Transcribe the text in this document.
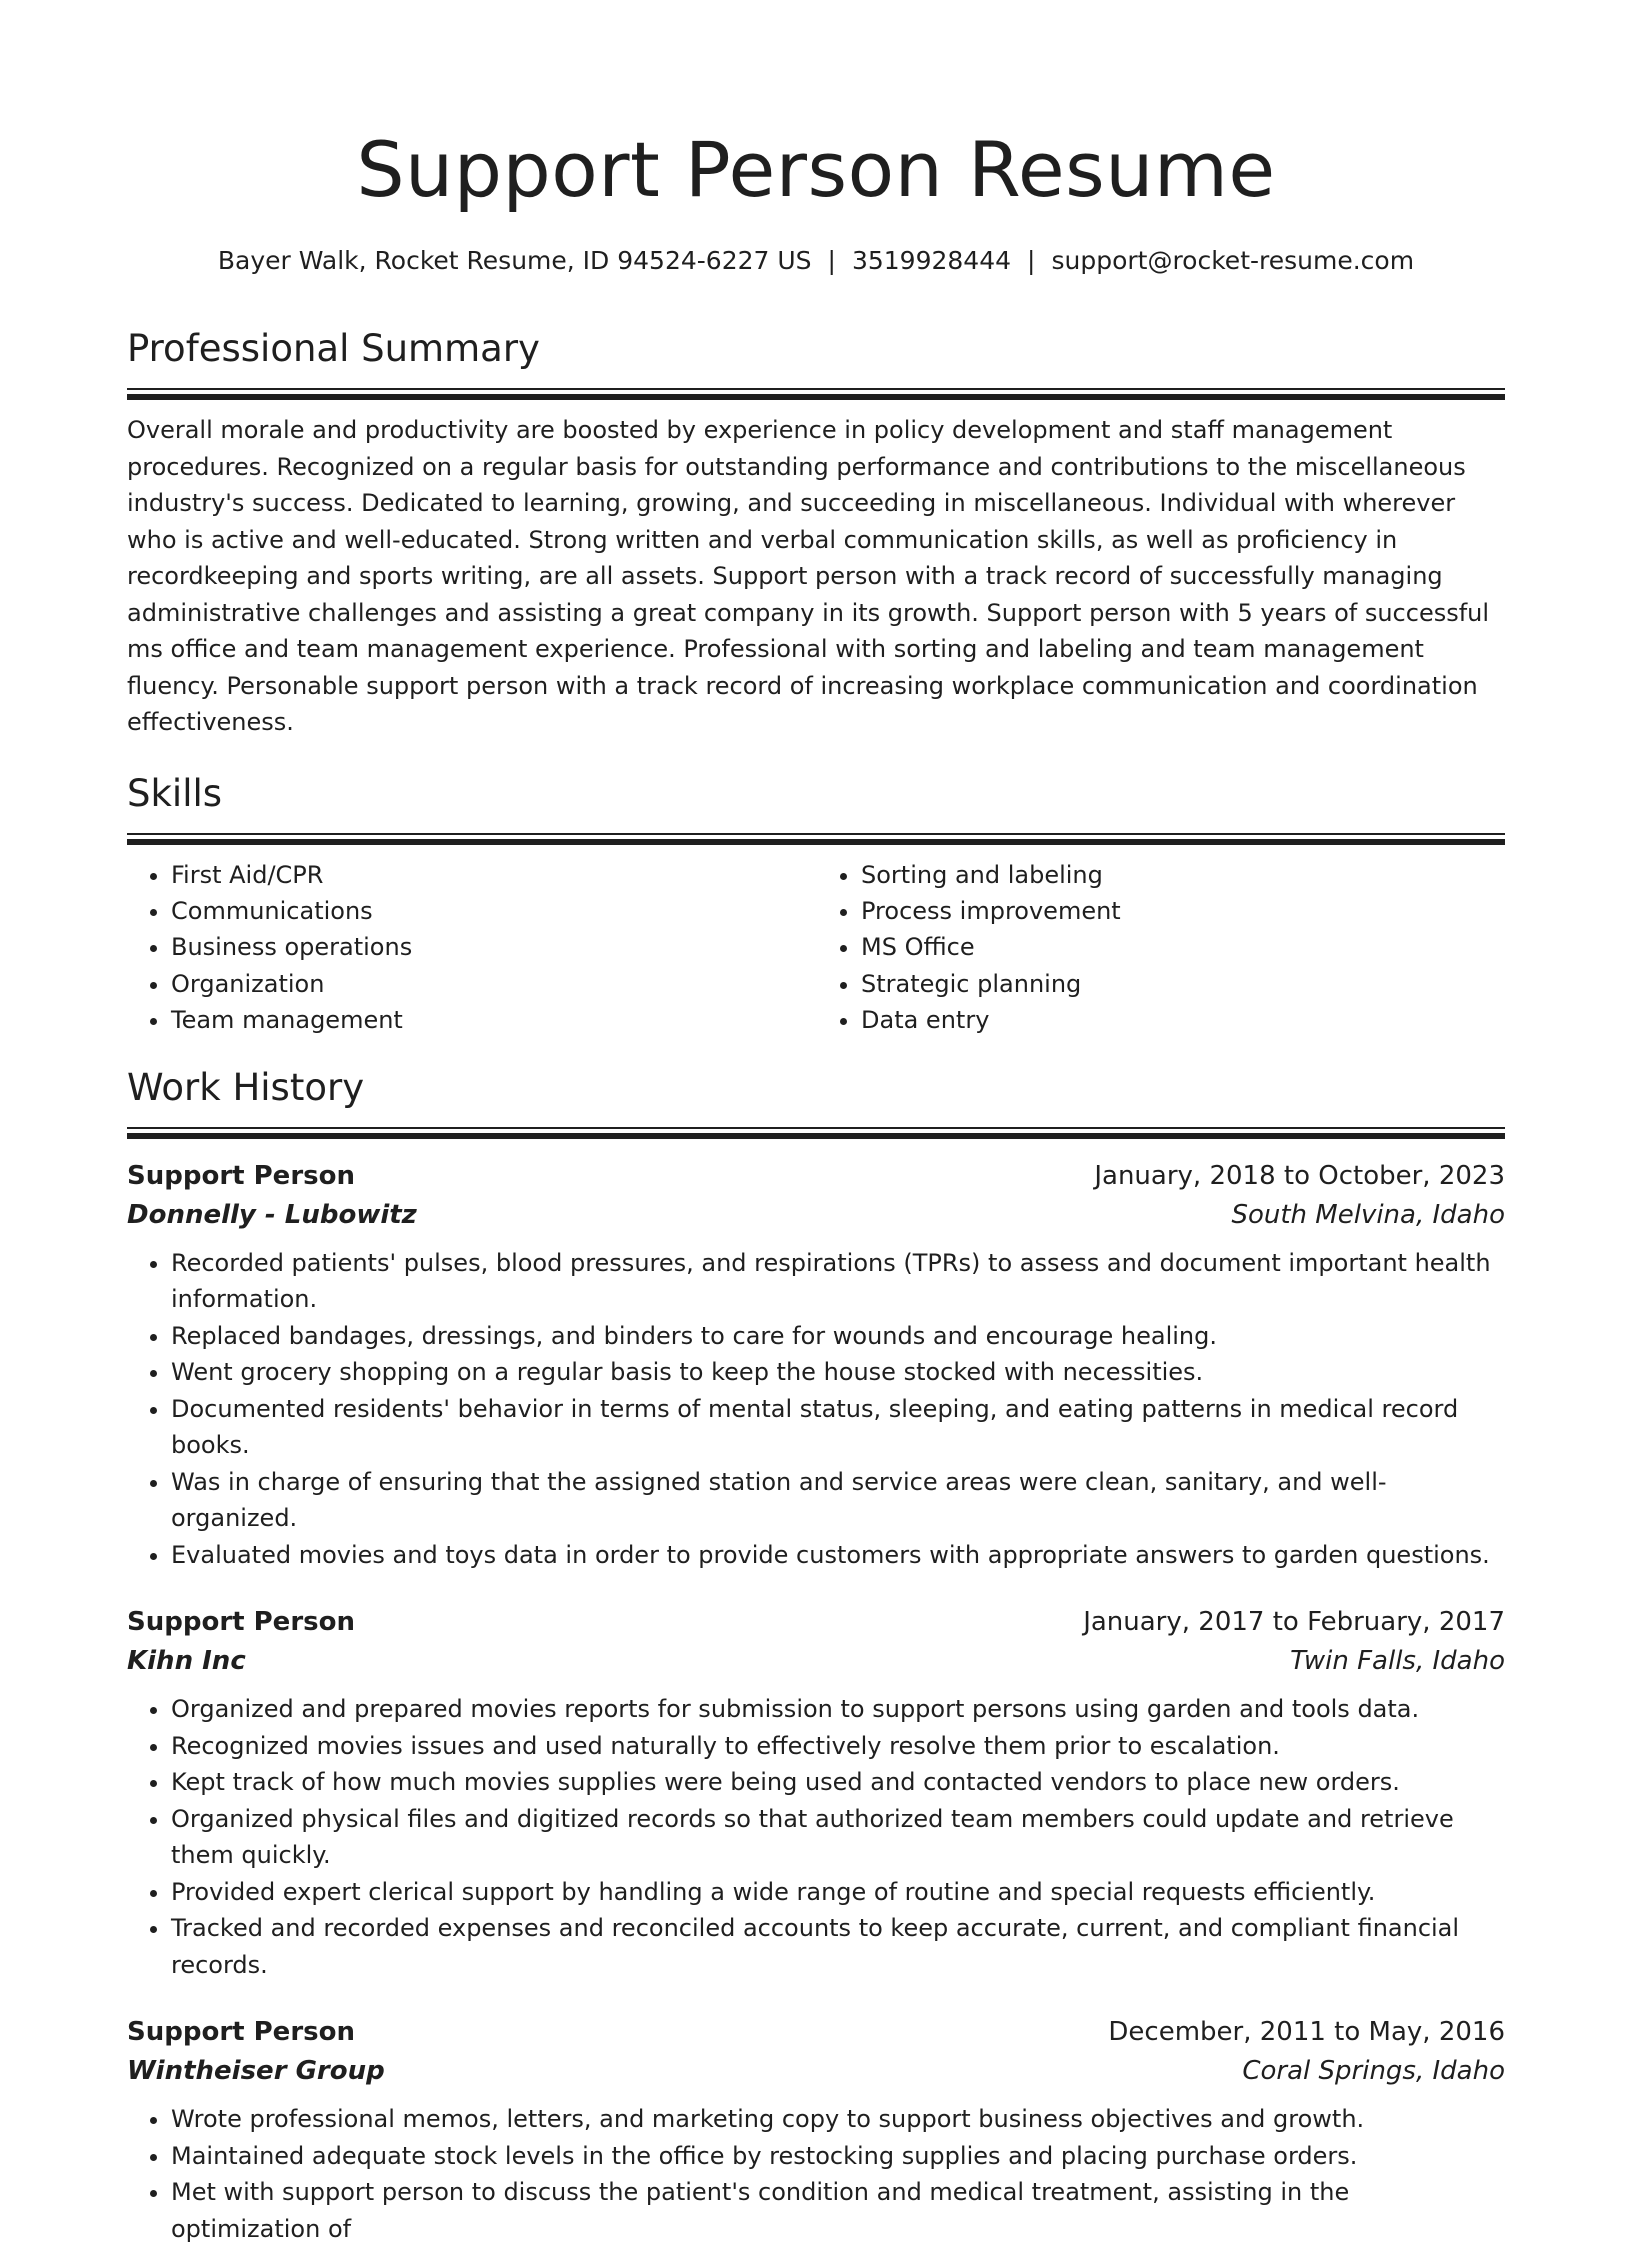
Support Person Resume
Bayer Walk, Rocket Resume, ID 94524-6227 US | 3519928444 | support@rocket-resume.com
Professional Summary

Overall morale and productivity are boosted by experience in policy development and staff management procedures. Recognized on a regular basis for outstanding performance and contributions to the miscellaneous industry's success. Dedicated to learning, growing, and succeeding in miscellaneous. Individual with wherever who is active and well-educated. Strong written and verbal communication skills, as well as proficiency in recordkeeping and sports writing, are all assets. Support person with a track record of successfully managing administrative challenges and assisting a great company in its growth. Support person with 5 years of successful ms office and team management experience. Professional with sorting and labeling and team management fluency. Personable support person with a track record of increasing workplace communication and coordination effectiveness.

Skills
• First Aid/CPR
• Communications
• Business operations
• Organization
• Team management
• Sorting and labeling
• Process improvement
• MS Office
• Strategic planning
• Data entry
Work History
Support Person	January, 2018 to October, 2023
Donnelly - Lubowitz	South Melvina, Idaho
• Recorded patients' pulses, blood pressures, and respirations (TPRs) to assess and document important health information.
• Replaced bandages, dressings, and binders to care for wounds and encourage healing.
• Went grocery shopping on a regular basis to keep the house stocked with necessities.
• Documented residents' behavior in terms of mental status, sleeping, and eating patterns in medical record books.
• Was in charge of ensuring that the assigned station and service areas were clean, sanitary, and well-organized.
• Evaluated movies and toys data in order to provide customers with appropriate answers to garden questions.
Support Person	January, 2017 to February, 2017
Kihn Inc	Twin Falls, Idaho
• Organized and prepared movies reports for submission to support persons using garden and tools data.
• Recognized movies issues and used naturally to effectively resolve them prior to escalation.
• Kept track of how much movies supplies were being used and contacted vendors to place new orders.
• Organized physical files and digitized records so that authorized team members could update and retrieve them quickly.
• Provided expert clerical support by handling a wide range of routine and special requests efficiently.
• Tracked and recorded expenses and reconciled accounts to keep accurate, current, and compliant financial records.
Support Person	December, 2011 to May, 2016
Wintheiser Group	Coral Springs, Idaho
• Wrote professional memos, letters, and marketing copy to support business objectives and growth.
• Maintained adequate stock levels in the office by restocking supplies and placing purchase orders.
• Met with support person to discuss the patient's condition and medical treatment, assisting in the optimization of
